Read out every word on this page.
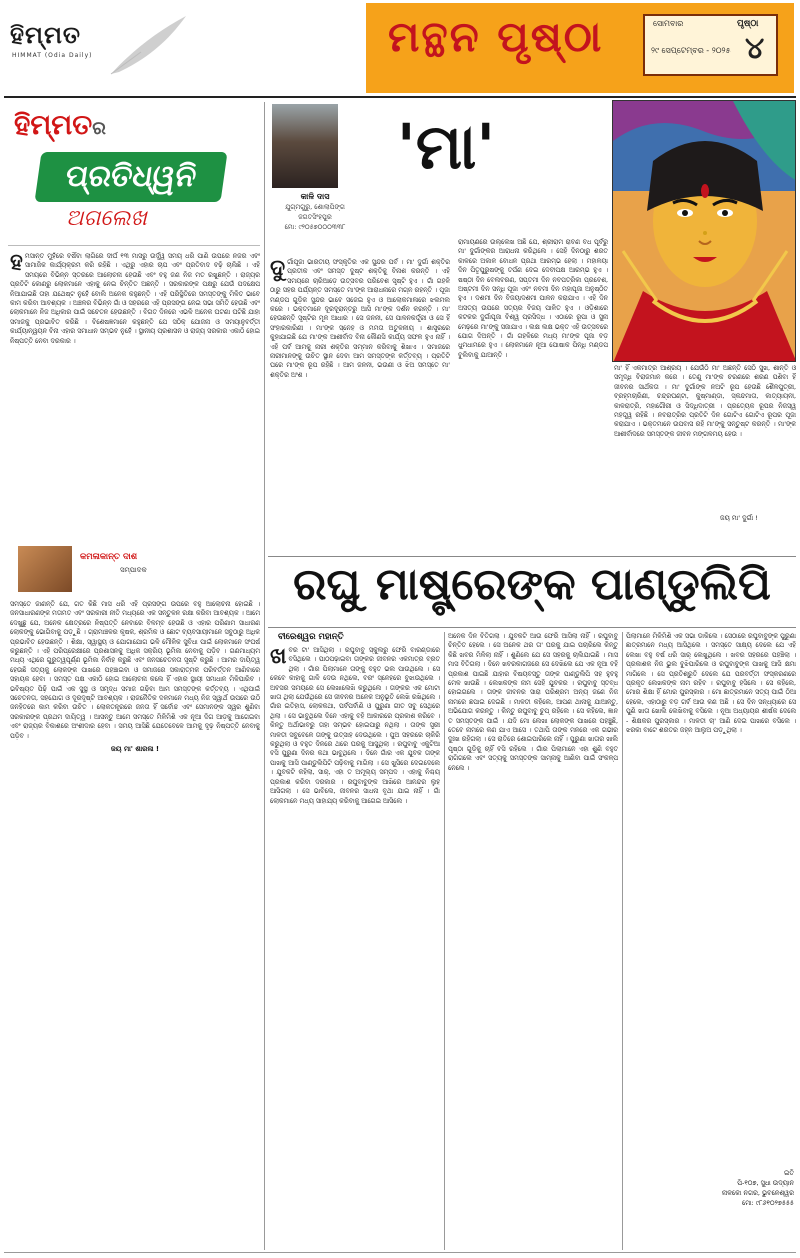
ହିମ୍ମତ
HIMMAT (Odia Daily)	ମନ୍ଥନ ପୃଷ୍ଠା	ସୋମବାର	ପୃଷ୍ଠା
୪
୨୯ ସେପ୍ଟେମ୍ବର - ୨୦୨୫
ହିମ୍ମତର
ପ୍ରତିଧ୍ୱନି
ଅଗଲେଖ
ହ ମସାନ୍ତ ମୁହଁରେ ବର୍ଷିବା ଲାଗିରେ ଦୀର୍ଘ ୧୩ ମାସରୁ ଉର୍ଦ୍ଧ୍ୱ ସମୟ ଧରି ପାଣି ଉପରେ ନଜର ଏବଂ ସାମାଜିକ କାର୍ଯ୍ୟକ୍ରମ କରି ରହିଛି । ଏଥିରୁ ଏହାର ଚାପ ଏବଂ ପ୍ରତିବାଦ ବଢ଼ି ଚାଲିଛି । ଏହି ସମୟରେ ବିଭିନ୍ନ ସ୍ତରରେ ଆଲୋଚନା ହେଉଛି ଏବଂ ବହୁ ଜଣ ନିଜ ମତ ରଖୁଛନ୍ତି । ରାଜ୍ୟର ପ୍ରତିଟି କୋଣରୁ ଲୋକମାନେ ଏହାକୁ ନେଇ ଚିନ୍ତିତ ଅଛନ୍ତି । ସରକାରଙ୍କ ପକ୍ଷରୁ ଯେଉଁ ପଦକ୍ଷେପ ନିଆଯାଇଛି ତାହା ଯଥେଷ୍ଟ ନୁହେଁ ବୋଲି ଅନେକ କହୁଛନ୍ତି । ଏହି ପରିସ୍ଥିତିରେ ସମସ୍ତଙ୍କୁ ମିଳିତ ଭାବେ କାମ କରିବା ଆବଶ୍ୟକ । ଅଞ୍ଚଳର ବିଭିନ୍ନ ଗାଁ ଓ ସହରରେ ଏହି ପ୍ରସଙ୍ଗ ନେଇ ସଭା ସମିତି ହେଉଛି ଏବଂ ଲୋକମାନେ ନିଜ ଅଧିକାର ପାଇଁ ସଚେତନ ହେଉଛନ୍ତି । ବିଗତ ଦିନରେ ଏଭଳି ଅନେକ ଘଟଣା ଘଟିଛି ଯାହା ସମାଜକୁ ପ୍ରଭାବିତ କରିଛି । ବିଶେଷଜ୍ଞମାନେ କହୁଛନ୍ତି ଯେ ସଠିକ୍ ଯୋଜନା ଓ ସମୟାନୁବର୍ତ୍ତୀ କାର୍ଯ୍ୟାନ୍ୱୟନ ବିନା ଏହାର ସମାଧାନ ସମ୍ଭବ ନୁହେଁ । ସ୍ଥାନୀୟ ପ୍ରଶାସନ ଓ ରାଜ୍ୟ ସରକାର ଏକାଠି ହୋଇ ନିଷ୍ପତ୍ତି ନେବା ଦରକାର ।
କମଳାକାନ୍ତ ଦାଶ
ସମ୍ପାଦକ
ସମସ୍ତେ ଜାଣନ୍ତି ଯେ, ଗତ କିଛି ମାସ ଧରି ଏହି ପ୍ରସଙ୍ଗ ଉପରେ ବହୁ ଆଲୋଚନା ହୋଇଛି । ଜନସାଧାରଣଙ୍କ ମତାମତ ଏବଂ ସରକାରୀ ନୀତି ମଧ୍ୟରେ ଏକ ସନ୍ତୁଳନ ରକ୍ଷା କରିବା ଆବଶ୍ୟକ । ଆମେ ଦେଖୁଛୁ ଯେ, ଅନେକ କ୍ଷେତ୍ରରେ ନିଷ୍ପତ୍ତି ନେବାରେ ବିଳମ୍ବ ହେଉଛି ଓ ଏହାର ପରିଣାମ ସାଧାରଣ ଲୋକଙ୍କୁ ଭୋଗିବାକୁ ପଡ଼ୁଛି । ଗ୍ରାମାଞ୍ଚଳର କୃଷକ, ଶ୍ରମିକ ଓ ଛୋଟ ବ୍ୟବସାୟୀମାନେ ସବୁଠାରୁ ଅଧିକ ପ୍ରଭାବିତ ହେଉଛନ୍ତି । ଶିକ୍ଷା, ସ୍ୱାସ୍ଥ୍ୟ ଓ ଯୋଗାଯୋଗ ଭଳି ମୌଳିକ ସୁବିଧା ପାଇଁ ଲୋକମାନେ ସଂଘର୍ଷ କରୁଛନ୍ତି । ଏହି ପରିପ୍ରେକ୍ଷୀରେ ପ୍ରଶାସନକୁ ଅଧିକ ସକ୍ରିୟ ଭୂମିକା ନେବାକୁ ପଡ଼ିବ । ଗଣମାଧ୍ୟମ ମଧ୍ୟ ଏଥିରେ ଗୁରୁତ୍ୱପୂର୍ଣ୍ଣ ଭୂମିକା ନିର୍ବାହ କରୁଛି ଏବଂ ଜନସଚେତନତା ସୃଷ୍ଟି କରୁଛି । ଆମର ଦାୟିତ୍ୱ ହେଉଛି ସତ୍ୟକୁ ଲୋକଙ୍କ ପାଖରେ ପହଞ୍ଚାଇବା ଓ ସମାଜରେ ସକାରାତ୍ମକ ପରିବର୍ତ୍ତନ ଆଣିବାରେ ସହାୟକ ହେବା । ସମସ୍ତ ପକ୍ଷ ଏକାଠି ହୋଇ ଆଲୋଚନା କଲେ ହିଁ ଏହାର ସ୍ଥାୟୀ ସମାଧାନ ମିଳିପାରିବ । ଭବିଷ୍ୟତ ପିଢ଼ି ପାଇଁ ଏକ ସୁସ୍ଥ ଓ ସମୃଦ୍ଧ ସମାଜ ଗଢ଼ିବା ଆମ ସମସ୍ତଙ୍କ କର୍ତ୍ତବ୍ୟ । ଏଥିପାଇଁ ସଚେତନତା, ସହଯୋଗ ଓ ଦୂରଦୃଷ୍ଟି ଆବଶ୍ୟକ । ରାଜନୈତିକ ଦଳମାନେ ମଧ୍ୟ ନିଜ ସ୍ୱାର୍ଥ ଉପରେ ଉଠି ଜନହିତରେ କାମ କରିବା ଉଚିତ । ଲୋକତନ୍ତ୍ରରେ ଜନତା ହିଁ ସର୍ବୋଚ୍ଚ ଏବଂ ସେମାନଙ୍କ ସ୍ୱର ଶୁଣିବା ସରକାରଙ୍କ ପ୍ରଥମ ଦାୟିତ୍ୱ । ଆସନ୍ତୁ ଆମେ ସମସ୍ତେ ମିଳିମିଶି ଏକ ନୂଆ ଦିଗ ଆଡ଼କୁ ଆଗେଇବା ଏବଂ ରାଜ୍ୟର ବିକାଶରେ ଅଂଶୀଦାର ହେବା । ସମୟ ଆସିଛି ଯେତେବେଳେ ଆମକୁ ଦୃଢ଼ ନିଷ୍ପତ୍ତି ନେବାକୁ ପଡ଼ିବ ।
ଜୟ ମା' ଶାରଳା !
କାଳି ଦାସ
ଯୁଗ୍ମଗୁରୁ, ଶୋଲାପିଙ୍ଗ
ଜଗତସିଂହପୁର
ମୋ: ୯୨୦୫୭୦୦୦୩୩୮
'ମା'
ଦୁ ର୍ଗାପୂଜା ଭାରତୀୟ ସଂସ୍କୃତିର ଏକ ସୁନ୍ଦର ପର୍ବ । ମା' ଦୁର୍ଗା ଶକ୍ତିର ପ୍ରତୀକ ଏବଂ ସମସ୍ତ ଦୁଷ୍ଟ ଶକ୍ତିକୁ ବିନାଶ କରନ୍ତି । ଏହି ସମୟରେ ଚାରିଆଡ଼େ ଉତ୍ସବର ପରିବେଶ ସୃଷ୍ଟି ହୁଏ । ଗାଁ ଗହଳି ଠାରୁ ସହର ପର୍ଯ୍ୟନ୍ତ ସମସ୍ତେ ମା'ଙ୍କ ଆରାଧନାରେ ମଗ୍ନ ରହନ୍ତି । ପୂଜା ମଣ୍ଡପ ଗୁଡ଼ିକ ସୁନ୍ଦର ଭାବେ ସଜେଇ ହୁଏ ଓ ଆଲୋକମାଳାରେ ଝଲମଲ କରେ । ଭକ୍ତମାନେ ଦୂରଦୂରାନ୍ତରୁ ଆସି ମା'ଙ୍କ ଦର୍ଶନ କରନ୍ତି । ମା' ହେଉଛନ୍ତି ସୃଷ୍ଟିର ମୂଳ ଆଧାର । ସେ ଜନନୀ, ସେ ପାଳନକର୍ତ୍ତ୍ରୀ ଓ ସେ ହିଁ ସଂହାରକାରିଣୀ । ମା'ଙ୍କ ସ୍ନେହ ଓ ମମତା ଅତୁଳନୀୟ । ଶାସ୍ତ୍ରରେ କୁହାଯାଇଛି ଯେ ମା'ଙ୍କ ଆଶୀର୍ବାଦ ବିନା କୌଣସି କାର୍ଯ୍ୟ ସଫଳ ହୁଏ ନାହିଁ । ଏହି ପର୍ବ ଆମକୁ ନାରୀ ଶକ୍ତିର ସମ୍ମାନ କରିବାକୁ ଶିଖାଏ । ସମାଜରେ ନାରୀମାନଙ୍କୁ ଉଚିତ ସ୍ଥାନ ଦେବା ଆମ ସମସ୍ତଙ୍କ କର୍ତ୍ତବ୍ୟ । ପ୍ରତିଟି ଘରେ ମା'ଙ୍କ ରୂପ ରହିଛି । ଆମ ଜନନୀ, ଭଉଣୀ ଓ ଝିଅ ସମସ୍ତେ ମା' ଶକ୍ତିର ଅଂଶ ।
ରାମାୟଣରେ ଉଲ୍ଲେଖ ଅଛି ଯେ, ଶ୍ରୀରାମ ରାବଣ ବଧ ପୂର୍ବରୁ ମା' ଦୁର୍ଗାଙ୍କର ଆରାଧନା କରିଥିଲେ । ସେହି ଦିନଠାରୁ ଶରତ କାଳରେ ଅକାଳ ବୋଧନ ପ୍ରଥା ଆରମ୍ଭ ହେଲା । ମହାଳୟା ଦିନ ପିତୃପୁରୁଷଙ୍କୁ ତର୍ପଣ ଦେଇ ଦେବୀପକ୍ଷ ଆରମ୍ଭ ହୁଏ । ଷଷ୍ଠୀ ଦିନ ବେଲବରଣ, ସପ୍ତମୀ ଦିନ ନବପତ୍ରିକା ପ୍ରବେଶ, ଅଷ୍ଟମୀ ଦିନ ସନ୍ଧି ପୂଜା ଏବଂ ନବମୀ ଦିନ ମହାପୂଜା ଅନୁଷ୍ଠିତ ହୁଏ । ଦଶମୀ ଦିନ ବିଜୟାଦଶମୀ ପାଳନ କରାଯାଏ । ଏହି ଦିନ ଅସତ୍ୟ ଉପରେ ସତ୍ୟର ବିଜୟ ପାଳିତ ହୁଏ । ଓଡ଼ିଶାରେ କଟକର ଦୁର୍ଗାପୂଜା ବିଶ୍ୱ ପ୍ରସିଦ୍ଧ । ଏଠାରେ ରୂପା ଓ ସୁନା ମେଢ଼ରେ ମା'ଙ୍କୁ ସଜାଯାଏ । ଲକ୍ଷ ଲକ୍ଷ ଭକ୍ତ ଏହି ଉତ୍ସବରେ ଯୋଗ ଦିଅନ୍ତି । ଗାଁ ଗହଳିରେ ମଧ୍ୟ ମା'ଙ୍କ ପୂଜା ବଡ଼ ଧୁମଧାମରେ ହୁଏ । ଲୋକମାନେ ନୂଆ ପୋଷାକ ପିନ୍ଧି ମଣ୍ଡପ ବୁଲିବାକୁ ଯାଆନ୍ତି ।
ମା' ହିଁ ଏକମାତ୍ର ଆଶ୍ରୟ । ଯେଉଁଠି ମା' ଅଛନ୍ତି ସେଠି ସୁଖ, ଶାନ୍ତି ଓ ସମୃଦ୍ଧି ବିରାଜମାନ କରେ । ତେଣୁ ମା'ଙ୍କ ଚରଣରେ ଶରଣ ପଶିବା ହିଁ ଜୀବନର ସାର୍ଥକତା । ମା' ଦୁର୍ଗାଙ୍କ ନଅଟି ରୂପ ହେଉଛି ଶୈଳପୁତ୍ରୀ, ବ୍ରହ୍ମଚାରିଣୀ, ଚନ୍ଦ୍ରଘଣ୍ଟା, କୁଷ୍ମାଣ୍ଡା, ସ୍କନ୍ଦମାତା, କାତ୍ୟାୟନୀ, କାଳରାତ୍ରି, ମହାଗୌରୀ ଓ ସିଦ୍ଧିଦାତ୍ରୀ । ପ୍ରତ୍ୟେକ ରୂପର ନିଜସ୍ୱ ମହତ୍ତ୍ୱ ରହିଛି । ନବରାତ୍ରିର ପ୍ରତିଟି ଦିନ ଗୋଟିଏ ଗୋଟିଏ ରୂପର ପୂଜା କରାଯାଏ । ଭକ୍ତମାନେ ଉପବାସ ରହି ମା'ଙ୍କୁ ସନ୍ତୁଷ୍ଟ କରନ୍ତି । ମା'ଙ୍କ ଆଶୀର୍ବାଦରେ ସମସ୍ତଙ୍କ ଜୀବନ ମଙ୍ଗଳମୟ ହେଉ ।
ଜୟ ମା' ଦୁର୍ଗା !
ରଘୁ ମାଷ୍ଟ୍ରେଙ୍କ ପାଣ୍ଡୁଲିପି
ବୀରେଶ୍ୱର ମହାନ୍ତି
ଖ ବର ଟା' ଆସିଥିଲା । ରଘୁବାବୁ ସ୍କୁଲରୁ ଫେରି ବାରଣ୍ଡାରେ ବସିଥିଲେ । ପାଠପଢ଼ାଇବା ତାଙ୍କର ଜୀବନର ଏକମାତ୍ର ବ୍ରତ ଥିଲା । ଗାଁର ପିଲାମାନେ ତାଙ୍କୁ ବହୁତ ଭଲ ପାଉଥିଲେ । ସେ କେବେ କାହାକୁ ଗାଳି ଦେଉ ନଥିଲେ, ବରଂ ସ୍ନେହରେ ବୁଝାଉଥିଲେ । ଅବସର ସମୟରେ ସେ ଲେଖାଲେଖି କରୁଥିଲେ । ତାଙ୍କର ଏକ ମୋଟା ଖାତା ଥିଲା ଯେଉଁଥିରେ ସେ ଜୀବନର ଅନେକ ଅନୁଭୂତି ଲେଖି ରଖିଥିଲେ । ଗାଁର ଇତିହାସ, ଲୋକକଥା, ପର୍ବପର୍ବାଣି ଓ ପୁରୁଣା ଗୀତ ସବୁ ସେଥିରେ ଥିଲା । ସେ ଭାବୁଥିଲେ ଦିନେ ଏହାକୁ ବହି ଆକାରରେ ପ୍ରକାଶ କରିବେ । କିନ୍ତୁ ଅର୍ଥାଭାବରୁ ତାହା ସମ୍ଭବ ହୋଇପାରୁ ନଥିଲା । ତାଙ୍କ ସ୍ତ୍ରୀ ମାଳତୀ ସବୁବେଳେ ତାଙ୍କୁ ଉତ୍ସାହ ଦେଉଥିଲେ । ପୁଅ ସହରରେ ଚାକିରି କରୁଥିଲା ଓ ବହୁତ ଦିନରେ ଥରେ ଘରକୁ ଆସୁଥିଲା । ରଘୁବାବୁ ଏକୁଟିଆ ବସି ପୁରୁଣା ଦିନର କଥା ଭାବୁଥିଲେ । ଦିନେ ଗାଁର ଏକ ଯୁବକ ତାଙ୍କ ପାଖକୁ ଆସି ପାଣ୍ଡୁଲିପିଟି ପଢ଼ିବାକୁ ମାଗିଲା । ସେ ଖୁସିରେ ଦେଇଦେଲେ । ଯୁବକଟି କହିଲା, ସାର୍, ଏହା ତ ଅମୂଲ୍ୟ ସମ୍ପଦ । ଏହାକୁ ନିଶ୍ଚୟ ପ୍ରକାଶ କରିବା ଦରକାର । ରଘୁବାବୁଙ୍କ ଆଖିରେ ଆନନ୍ଦର ଲୁହ ଆସିଗଲା । ସେ ଭାବିଲେ, ଜୀବନର ସାଧନା ବୃଥା ଯାଇ ନାହିଁ । ଗାଁ ଲୋକମାନେ ମଧ୍ୟ ସାହାଯ୍ୟ କରିବାକୁ ଆଗେଇ ଆସିଲେ ।
ଅନେକ ଦିନ ବିତିଗଲା । ଯୁବକଟି ଆଉ ଫେରି ଆସିଲା ନାହିଁ । ରଘୁବାବୁ ଚିନ୍ତିତ ହେଲେ । ସେ ଅନେକ ଥର ତା' ଘରକୁ ଯାଇ ପଚାରିଲେ କିନ୍ତୁ କିଛି ଖବର ମିଳିଲା ନାହିଁ । ଶୁଣିଲେ ଯେ ସେ ସହରକୁ ଚାଲିଯାଇଛି । ମାସ ମାସ ବିତିଗଲା । ଦିନେ ଖବରକାଗଜରେ ସେ ଦେଖିଲେ ଯେ ଏକ ନୂଆ ବହି ପ୍ରକାଶ ପାଇଛି ଯାହାର ବିଷୟବସ୍ତୁ ତାଙ୍କ ପାଣ୍ଡୁଲିପି ସହ ହୁବହୁ ମେଳ ଖାଉଛି । ଲେଖକଙ୍କ ନାମ ସେହି ଯୁବକର । ରଘୁବାବୁ ସ୍ତବ୍ଧ ହୋଇଗଲେ । ତାଙ୍କ ଜୀବନର ସାରା ପରିଶ୍ରମ ଅନ୍ୟ ଜଣେ ନିଜ ନାମରେ ଛପାଇ ଦେଇଛି । ମାଳତୀ କହିଲେ, ଆପଣ ଥାନାକୁ ଯାଆନ୍ତୁ, ଅଭିଯୋଗ କରନ୍ତୁ । କିନ୍ତୁ ରଘୁବାବୁ ଚୁପ୍ ରହିଲେ । ସେ କହିଲେ, ଜ୍ଞାନ ତ ସମସ୍ତଙ୍କ ପାଇଁ । ଯଦି ମୋ ଲେଖା ଲୋକଙ୍କ ପାଖରେ ପହଞ୍ଚୁଛି, ତେବେ ନାମରେ କଣ ଯାଏ ଆସେ । ତଥାପି ତାଙ୍କ ମନରେ ଏକ ଗଭୀର ଦୁଃଖ ରହିଗଲା । ସେ ରାତିରେ ଶୋଇପାରିଲେ ନାହିଁ । ପୁରୁଣା ଖାତାର ଖାଲି ପୃଷ୍ଠା ଗୁଡ଼ିକୁ ଚାହିଁ ବସି ରହିଲେ । ଗାଁର ପିଲାମାନେ ଏହା ଶୁଣି ବହୁତ ରାଗିଗଲେ ଏବଂ ସତ୍ୟକୁ ସମସ୍ତଙ୍କ ସାମ୍ନାକୁ ଆଣିବା ପାଇଁ ସଂକଳ୍ପ ନେଲେ ।
ପିଲାମାନେ ମିଳିମିଶି ଏକ ସଭା ଡାକିଲେ । ସେଠାରେ ରଘୁବାବୁଙ୍କ ପୁରୁଣା ଛାତ୍ରମାନେ ମଧ୍ୟ ଆସିଥିଲେ । ସମସ୍ତେ ସାକ୍ଷ୍ୟ ଦେଲେ ଯେ ଏହି ଲେଖା ବହୁ ବର୍ଷ ଧରି ସାର୍ ଲେଖୁଥିଲେ । ଖବର ସହରରେ ପହଞ୍ଚିଲା । ପ୍ରକାଶକ ନିଜ ଭୁଲ ବୁଝିପାରିଲେ ଓ ରଘୁବାବୁଙ୍କ ପାଖକୁ ଆସି କ୍ଷମା ମାଗିଲେ । ସେ ପ୍ରତିଶ୍ରୁତି ଦେଲେ ଯେ ପରବର୍ତ୍ତୀ ସଂସ୍କରଣରେ ପ୍ରକୃତ ଲେଖକଙ୍କ ନାମ ରହିବ । ରଘୁବାବୁ ହସିଲେ । ସେ କହିଲେ, ମୋର ଶିକ୍ଷା ହିଁ ମୋର ପୁରସ୍କାର । ମୋ ଛାତ୍ରମାନେ ସତ୍ୟ ପାଇଁ ଠିଆ ହେଲେ, ଏହାଠାରୁ ବଡ଼ ଗର୍ବ ଆଉ କଣ ଅଛି । ସେ ଦିନ ସନ୍ଧ୍ୟାରେ ସେ ପୁଣି ଖାତା ଖୋଲି ଲେଖିବାକୁ ବସିଲେ । ନୂଆ ଅଧ୍ୟାୟର ଶୀର୍ଷକ ଦେଲେ - ଶିକ୍ଷକର ପୁରସ୍କାର । ମାଳତୀ ଚା' ଆଣି ଦେଇ ପାଖରେ ବସିଲେ । ଝରକା ବାଟେ ଶରତର ଜହ୍ନ ଆଲୁଅ ପଡ଼ୁଥିଲା ।
ଇତି
ପି-୧୦୭, ସୁଧା ଉଦ୍ୟାନ
ନାଳକୋ ନଗର, ଭୁବନେଶ୍ୱର
ମୋ: ୯୮୬୧୦୨୭୫୫୫
